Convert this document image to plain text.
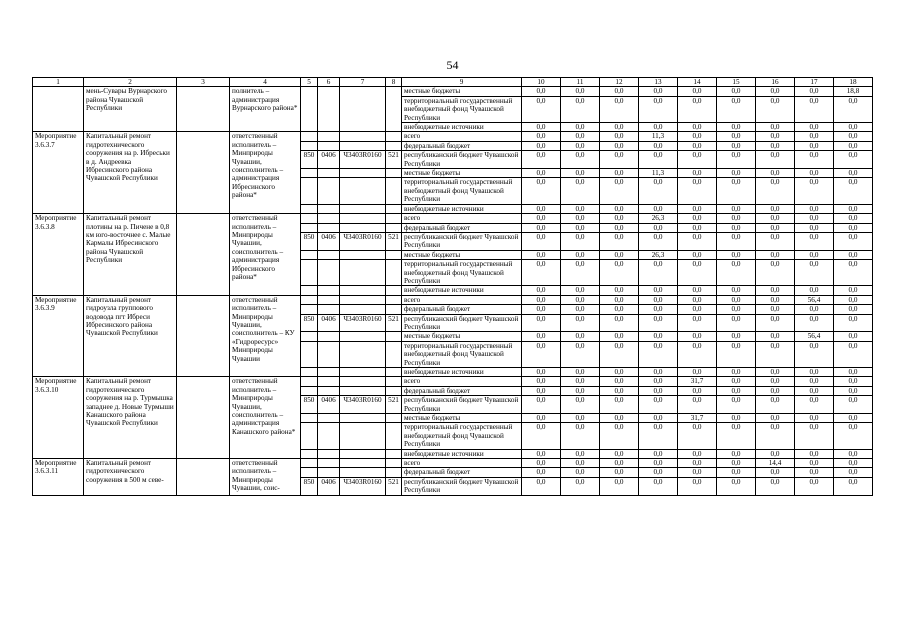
54
1	2	3	4	5	6	7	8	9	10	11	12	13	14	15	16	17	18
	мень-Сувары Вурнарского района Чувашской Республики		полнитель – администрация Вурнарского района*					местные бюджеты	0,0	0,0	0,0	0,0	0,0	0,0	0,0	0,0	18,8
								территориальный государственный внебюджетный фонд Чувашской Республики	0,0	0,0	0,0	0,0	0,0	0,0	0,0	0,0	0,0
								внебюджетные источники	0,0	0,0	0,0	0,0	0,0	0,0	0,0	0,0	0,0
Мероприятие 3.6.3.7	Капитальный ремонт гидротехнического сооружения на р. Ибреськи в д. Андреевка Ибресинского района Чувашской Республики		ответственный исполнитель – Минприроды Чувашии, соисполнитель – администрация Ибресинского района*					всего	0,0	0,0	0,0	11,3	0,0	0,0	0,0	0,0	0,0
								федеральный бюджет	0,0	0,0	0,0	0,0	0,0	0,0	0,0	0,0	0,0
				850	0406	Ч3403R0160	521	республиканский бюджет Чувашской Республики	0,0	0,0	0,0	0,0	0,0	0,0	0,0	0,0	0,0
								местные бюджеты	0,0	0,0	0,0	11,3	0,0	0,0	0,0	0,0	0,0
								территориальный государственный внебюджетный фонд Чувашской Республики	0,0	0,0	0,0	0,0	0,0	0,0	0,0	0,0	0,0
								внебюджетные источники	0,0	0,0	0,0	0,0	0,0	0,0	0,0	0,0	0,0
Мероприятие 3.6.3.8	Капитальный ремонт плотины на р. Пичене в 0,8 км юго-восточнее с. Малые Кармалы Ибресинского района Чувашской Республики		ответственный исполнитель – Минприроды Чувашии, соисполнитель – администрация Ибресинского района*					всего	0,0	0,0	0,0	26,3	0,0	0,0	0,0	0,0	0,0
								федеральный бюджет	0,0	0,0	0,0	0,0	0,0	0,0	0,0	0,0	0,0
				850	0406	Ч3403R0160	521	республиканский бюджет Чувашской Республики	0,0	0,0	0,0	0,0	0,0	0,0	0,0	0,0	0,0
								местные бюджеты	0,0	0,0	0,0	26,3	0,0	0,0	0,0	0,0	0,0
								территориальный государственный внебюджетный фонд Чувашской Республики	0,0	0,0	0,0	0,0	0,0	0,0	0,0	0,0	0,0
								внебюджетные источники	0,0	0,0	0,0	0,0	0,0	0,0	0,0	0,0	0,0
Мероприятие 3.6.3.9	Капитальный ремонт гидроузла группового водовода пгт Ибреси Ибресинского района Чувашской Республики		ответственный исполнитель – Минприроды Чувашии, соисполнитель – КУ «Гидроресурс» Минприроды Чувашии					всего	0,0	0,0	0,0	0,0	0,0	0,0	0,0	56,4	0,0
								федеральный бюджет	0,0	0,0	0,0	0,0	0,0	0,0	0,0	0,0	0,0
				850	0406	Ч3403R0160	521	республиканский бюджет Чувашской Республики	0,0	0,0	0,0	0,0	0,0	0,0	0,0	0,0	0,0
								местные бюджеты	0,0	0,0	0,0	0,0	0,0	0,0	0,0	56,4	0,0
								территориальный государственный внебюджетный фонд Чувашской Республики	0,0	0,0	0,0	0,0	0,0	0,0	0,0	0,0	0,0
								внебюджетные источники	0,0	0,0	0,0	0,0	0,0	0,0	0,0	0,0	0,0
Мероприятие 3.6.3.10	Капитальный ремонт гидротехнического сооружения на р. Турмышка западнее д. Новые Турмыши Канашского района Чувашской Республики		ответственный исполнитель – Минприроды Чувашии, соисполнитель – администрация Канашского района*					всего	0,0	0,0	0,0	0,0	31,7	0,0	0,0	0,0	0,0
								федеральный бюджет	0,0	0,0	0,0	0,0	0,0	0,0	0,0	0,0	0,0
				850	0406	Ч3403R0160	521	республиканский бюджет Чувашской Республики	0,0	0,0	0,0	0,0	0,0	0,0	0,0	0,0	0,0
								местные бюджеты	0,0	0,0	0,0	0,0	31,7	0,0	0,0	0,0	0,0
								территориальный государственный внебюджетный фонд Чувашской Республики	0,0	0,0	0,0	0,0	0,0	0,0	0,0	0,0	0,0
								внебюджетные источники	0,0	0,0	0,0	0,0	0,0	0,0	0,0	0,0	0,0
Мероприятие 3.6.3.11	Капитальный ремонт гидротехнического сооружения в 500 м севе-		ответственный исполнитель – Минприроды Чувашии, соис-					всего	0,0	0,0	0,0	0,0	0,0	0,0	14,4	0,0	0,0
								федеральный бюджет	0,0	0,0	0,0	0,0	0,0	0,0	0,0	0,0	0,0
				850	0406	Ч3403R0160	521	республиканский бюджет Чувашской Республики	0,0	0,0	0,0	0,0	0,0	0,0	0,0	0,0	0,0
